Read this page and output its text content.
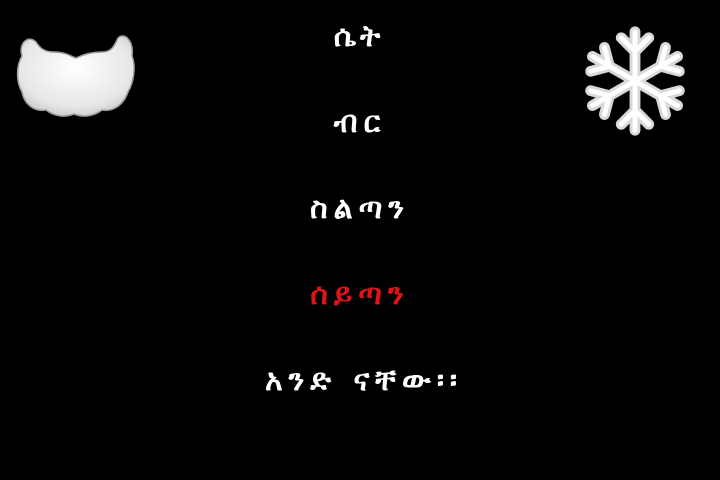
ሴት
ብር
ስልጣን
ሰይጣን
አንድ ናቸው፡፡
